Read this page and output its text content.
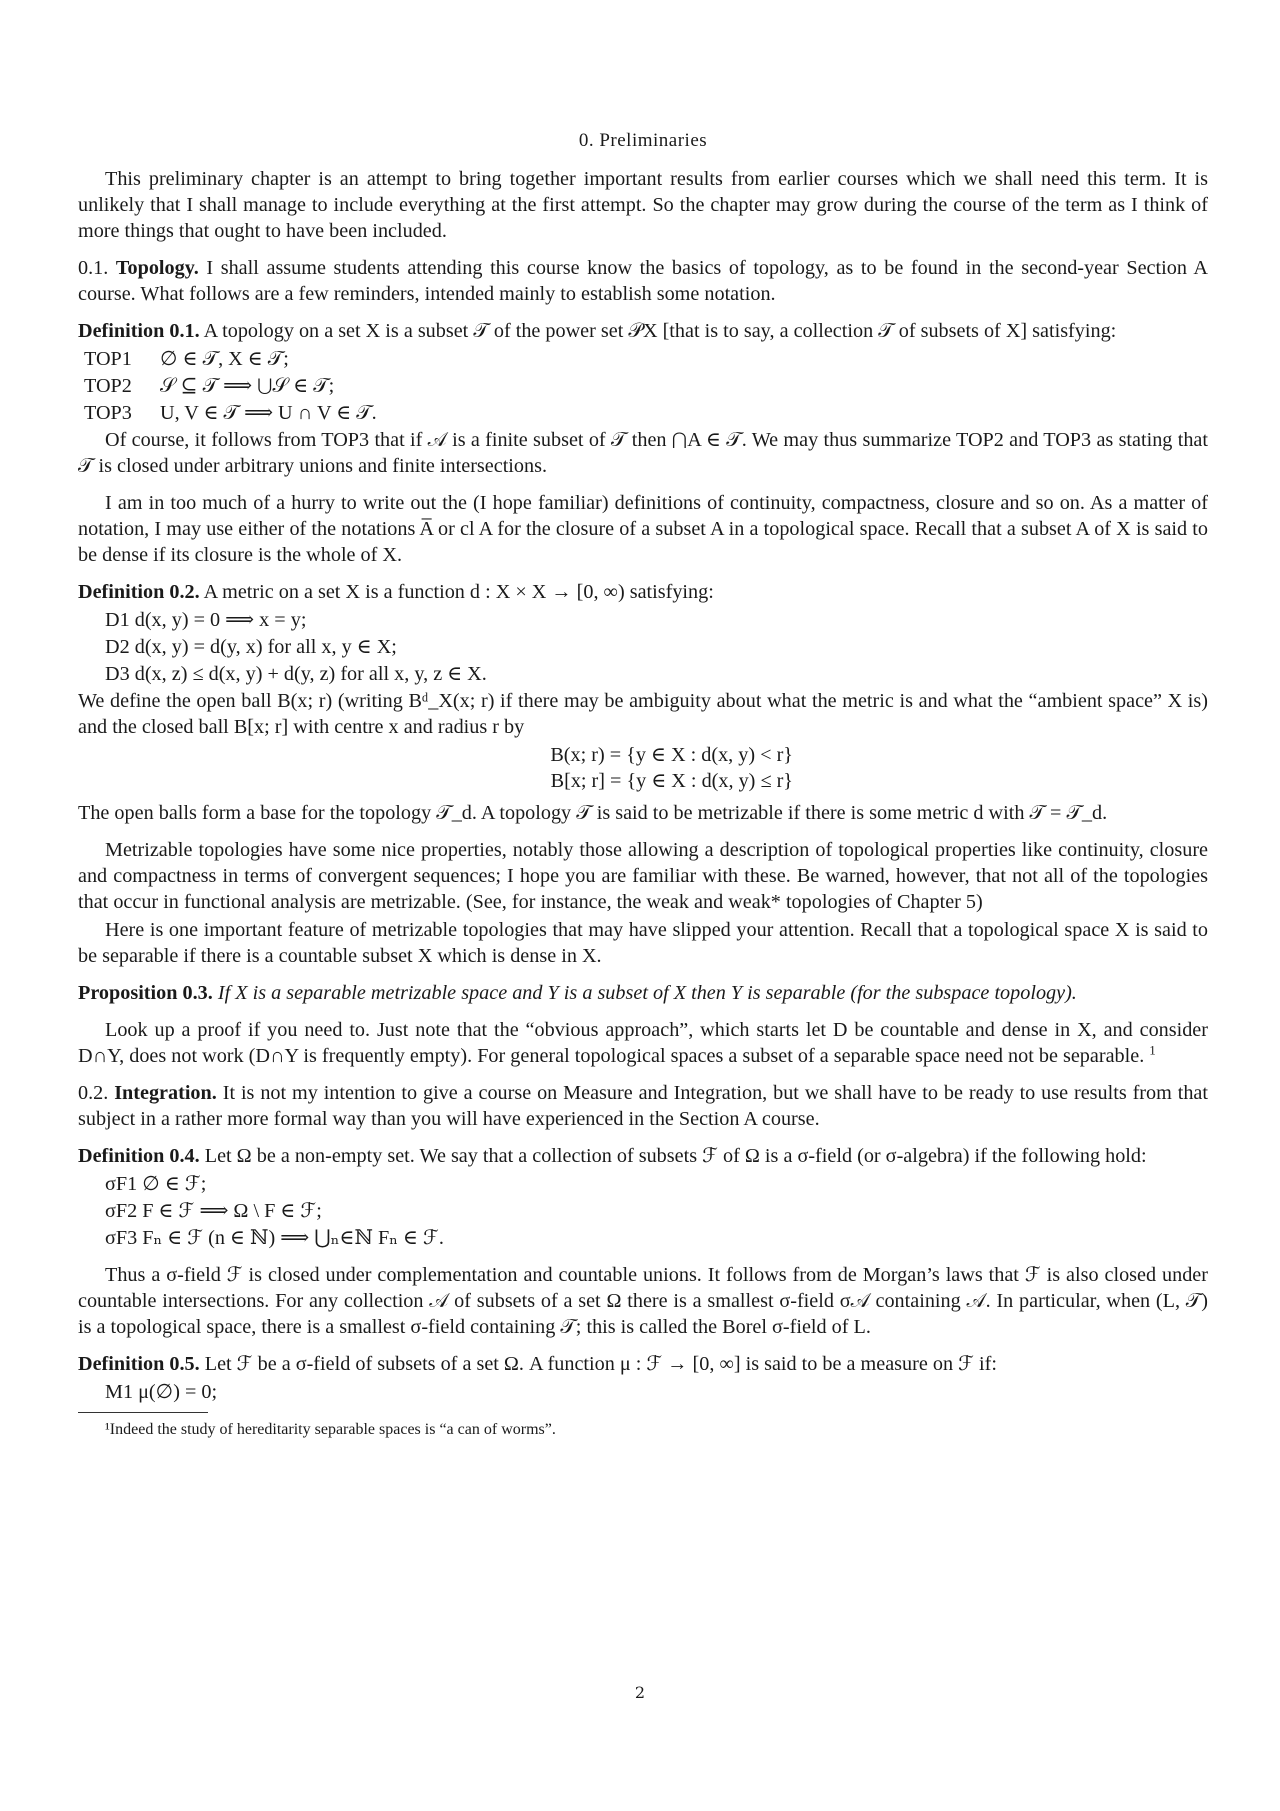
0. Preliminaries

This preliminary chapter is an attempt to bring together important results from earlier courses which we shall need this term. It is unlikely that I shall manage to include everything at the first attempt. So the chapter may grow during the course of the term as I think of more things that ought to have been included.

0.1. Topology. I shall assume students attending this course know the basics of topology, as to be found in the second-year Section A course. What follows are a few reminders, intended mainly to establish some notation.

Definition 0.1. A topology on a set X is a subset 𝒯 of the power set 𝒫X [that is to say, a collection 𝒯 of subsets of X] satisfying:

TOP1	∅ ∈ 𝒯, X ∈ 𝒯;
TOP2	𝒮 ⊆ 𝒯 ⟹ ⋃𝒮 ∈ 𝒯;
TOP3	U, V ∈ 𝒯 ⟹ U ∩ V ∈ 𝒯.

Of course, it follows from TOP3 that if 𝒜 is a finite subset of 𝒯 then ⋂A ∈ 𝒯. We may thus summarize TOP2 and TOP3 as stating that 𝒯 is closed under arbitrary unions and finite intersections.

I am in too much of a hurry to write out the (I hope familiar) definitions of continuity, compactness, closure and so on. As a matter of notation, I may use either of the notations A̅ or cl A for the closure of a subset A in a topological space. Recall that a subset A of X is said to be dense if its closure is the whole of X.

Definition 0.2. A metric on a set X is a function d : X × X → [0, ∞) satisfying:

D1 d(x, y) = 0 ⟹ x = y;
D2 d(x, y) = d(y, x) for all x, y ∈ X;
D3 d(x, z) ≤ d(x, y) + d(y, z) for all x, y, z ∈ X.

We define the open ball B(x; r) (writing Bᵈ_X(x; r) if there may be ambiguity about what the metric is and what the “ambient space” X is) and the closed ball B[x; r] with centre x and radius r by

B(x; r) = {y ∈ X : d(x, y) < r}
B[x; r] = {y ∈ X : d(x, y) ≤ r}

The open balls form a base for the topology 𝒯_d. A topology 𝒯 is said to be metrizable if there is some metric d with 𝒯 = 𝒯_d.

Metrizable topologies have some nice properties, notably those allowing a description of topological properties like continuity, closure and compactness in terms of convergent sequences; I hope you are familiar with these. Be warned, however, that not all of the topologies that occur in functional analysis are metrizable. (See, for instance, the weak and weak* topologies of Chapter 5)

Here is one important feature of metrizable topologies that may have slipped your attention. Recall that a topological space X is said to be separable if there is a countable subset X which is dense in X.

Proposition 0.3. If X is a separable metrizable space and Y is a subset of X then Y is separable (for the subspace topology).

Look up a proof if you need to. Just note that the “obvious approach”, which starts let D be countable and dense in X, and consider D∩Y, does not work (D∩Y is frequently empty). For general topological spaces a subset of a separable space need not be separable. $^1$

0.2. Integration. It is not my intention to give a course on Measure and Integration, but we shall have to be ready to use results from that subject in a rather more formal way than you will have experienced in the Section A course.

Definition 0.4. Let Ω be a non-empty set. We say that a collection of subsets ℱ of Ω is a σ-field (or σ-algebra) if the following hold:

σF1 ∅ ∈ ℱ;
σF2 F ∈ ℱ ⟹ Ω \ F ∈ ℱ;
σF3 Fₙ ∈ ℱ (n ∈ ℕ) ⟹ ⋃ₙ∈ℕ Fₙ ∈ ℱ.

Thus a σ-field ℱ is closed under complementation and countable unions. It follows from de Morgan’s laws that ℱ is also closed under countable intersections. For any collection 𝒜 of subsets of a set Ω there is a smallest σ-field σ𝒜 containing 𝒜. In particular, when (L, 𝒯) is a topological space, there is a smallest σ-field containing 𝒯; this is called the Borel σ-field of L.

Definition 0.5. Let ℱ be a σ-field of subsets of a set Ω. A function μ : ℱ → [0, ∞] is said to be a measure on ℱ if:

M1 μ(∅) = 0;
¹Indeed the study of hereditarity separable spaces is “a can of worms”.
2
